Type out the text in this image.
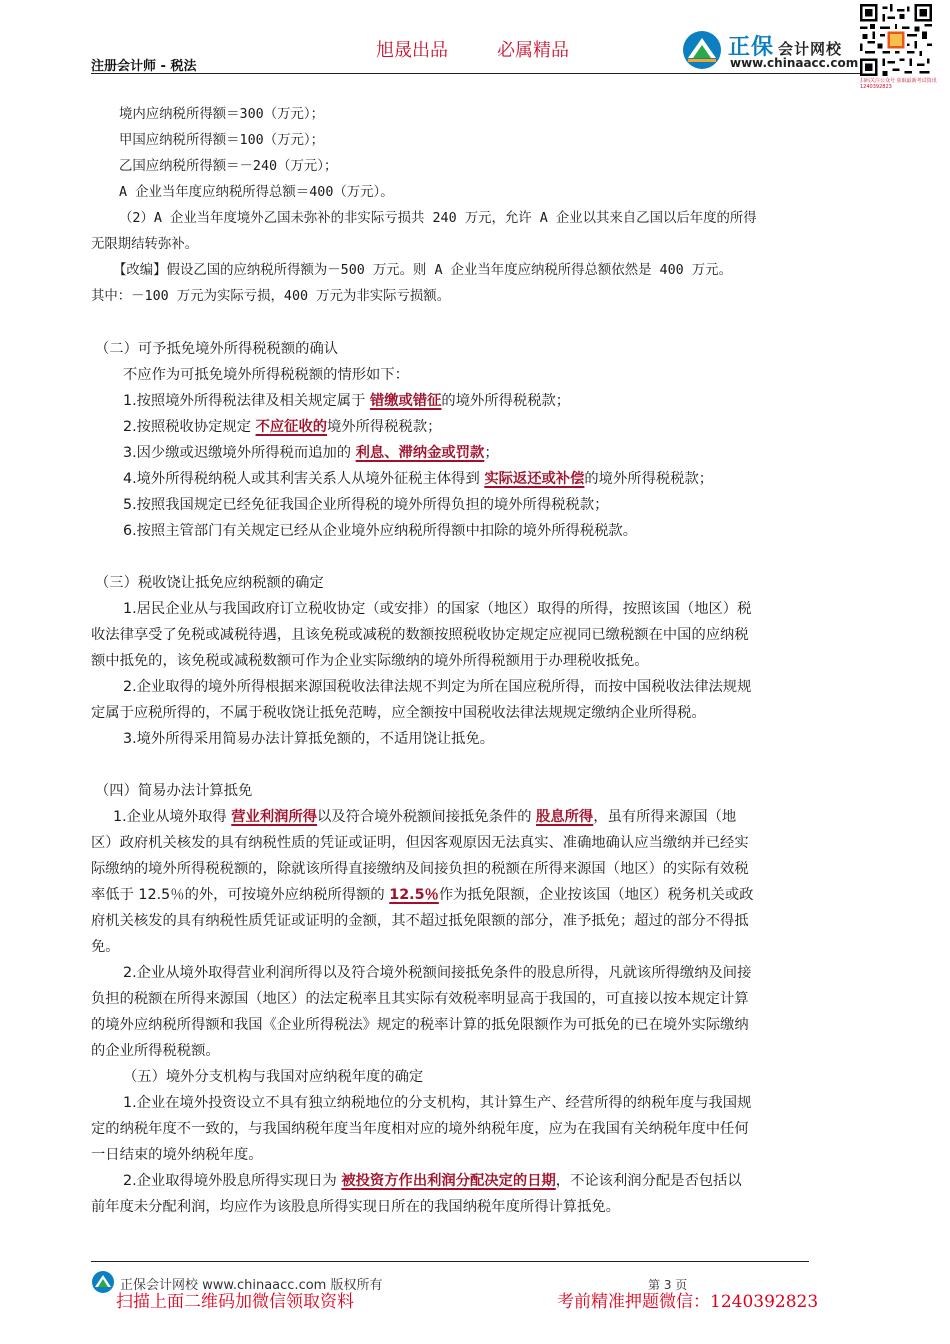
旭晟出品	必属精品
注册会计师 - 税法
正保 会计网校
www.chinaacc.com
扫码关注公众号 获取最新考试资讯 1240392823
境内应纳税所得额＝300（万元）；
甲国应纳税所得额＝100（万元）；
乙国应纳税所得额＝－240（万元）；
A 企业当年度应纳税所得总额＝400（万元）。
（2）A 企业当年度境外乙国未弥补的非实际亏损共 240 万元，允许 A 企业以其来自乙国以后年度的所得
无限期结转弥补。
【改编】假设乙国的应纳税所得额为－500 万元。则 A 企业当年度应纳税所得总额依然是 400 万元。
其中：－100 万元为实际亏损，400 万元为非实际亏损额。
（二）可予抵免境外所得税税额的确认
不应作为可抵免境外所得税税额的情形如下：
1.按照境外所得税法律及相关规定属于 错缴或错征的境外所得税税款；
2.按照税收协定规定 不应征收的境外所得税税款；
3.因少缴或迟缴境外所得税而追加的 利息、滞纳金或罚款；
4.境外所得税纳税人或其利害关系人从境外征税主体得到 实际返还或补偿的境外所得税税款；
5.按照我国规定已经免征我国企业所得税的境外所得负担的境外所得税税款；
6.按照主管部门有关规定已经从企业境外应纳税所得额中扣除的境外所得税税款。
（三）税收饶让抵免应纳税额的确定
1.居民企业从与我国政府订立税收协定（或安排）的国家（地区）取得的所得，按照该国（地区）税
收法律享受了免税或减税待遇，且该免税或减税的数额按照税收协定规定应视同已缴税额在中国的应纳税
额中抵免的，该免税或减税数额可作为企业实际缴纳的境外所得税额用于办理税收抵免。
2.企业取得的境外所得根据来源国税收法律法规不判定为所在国应税所得，而按中国税收法律法规规
定属于应税所得的，不属于税收饶让抵免范畴，应全额按中国税收法律法规规定缴纳企业所得税。
3.境外所得采用简易办法计算抵免额的，不适用饶让抵免。
（四）简易办法计算抵免
1.企业从境外取得 营业利润所得以及符合境外税额间接抵免条件的 股息所得，虽有所得来源国（地
区）政府机关核发的具有纳税性质的凭证或证明，但因客观原因无法真实、准确地确认应当缴纳并已经实
际缴纳的境外所得税税额的，除就该所得直接缴纳及间接负担的税额在所得来源国（地区）的实际有效税
率低于 12.5％的外，可按境外应纳税所得额的 12.5％作为抵免限额，企业按该国（地区）税务机关或政
府机关核发的具有纳税性质凭证或证明的金额，其不超过抵免限额的部分，准予抵免；超过的部分不得抵
免。
2.企业从境外取得营业利润所得以及符合境外税额间接抵免条件的股息所得，凡就该所得缴纳及间接
负担的税额在所得来源国（地区）的法定税率且其实际有效税率明显高于我国的，可直接以按本规定计算
的境外应纳税所得额和我国《企业所得税法》规定的税率计算的抵免限额作为可抵免的已在境外实际缴纳
的企业所得税税额。
（五）境外分支机构与我国对应纳税年度的确定
1.企业在境外投资设立不具有独立纳税地位的分支机构，其计算生产、经营所得的纳税年度与我国规
定的纳税年度不一致的，与我国纳税年度当年度相对应的境外纳税年度，应为在我国有关纳税年度中任何
一日结束的境外纳税年度。
2.企业取得境外股息所得实现日为 被投资方作出利润分配决定的日期，不论该利润分配是否包括以
前年度未分配利润，均应作为该股息所得实现日所在的我国纳税年度所得计算抵免。
正保会计网校 www.chinaacc.com 版权所有	第 3 页
扫描上面二维码加微信领取资料	考前精准押题微信：1240392823
